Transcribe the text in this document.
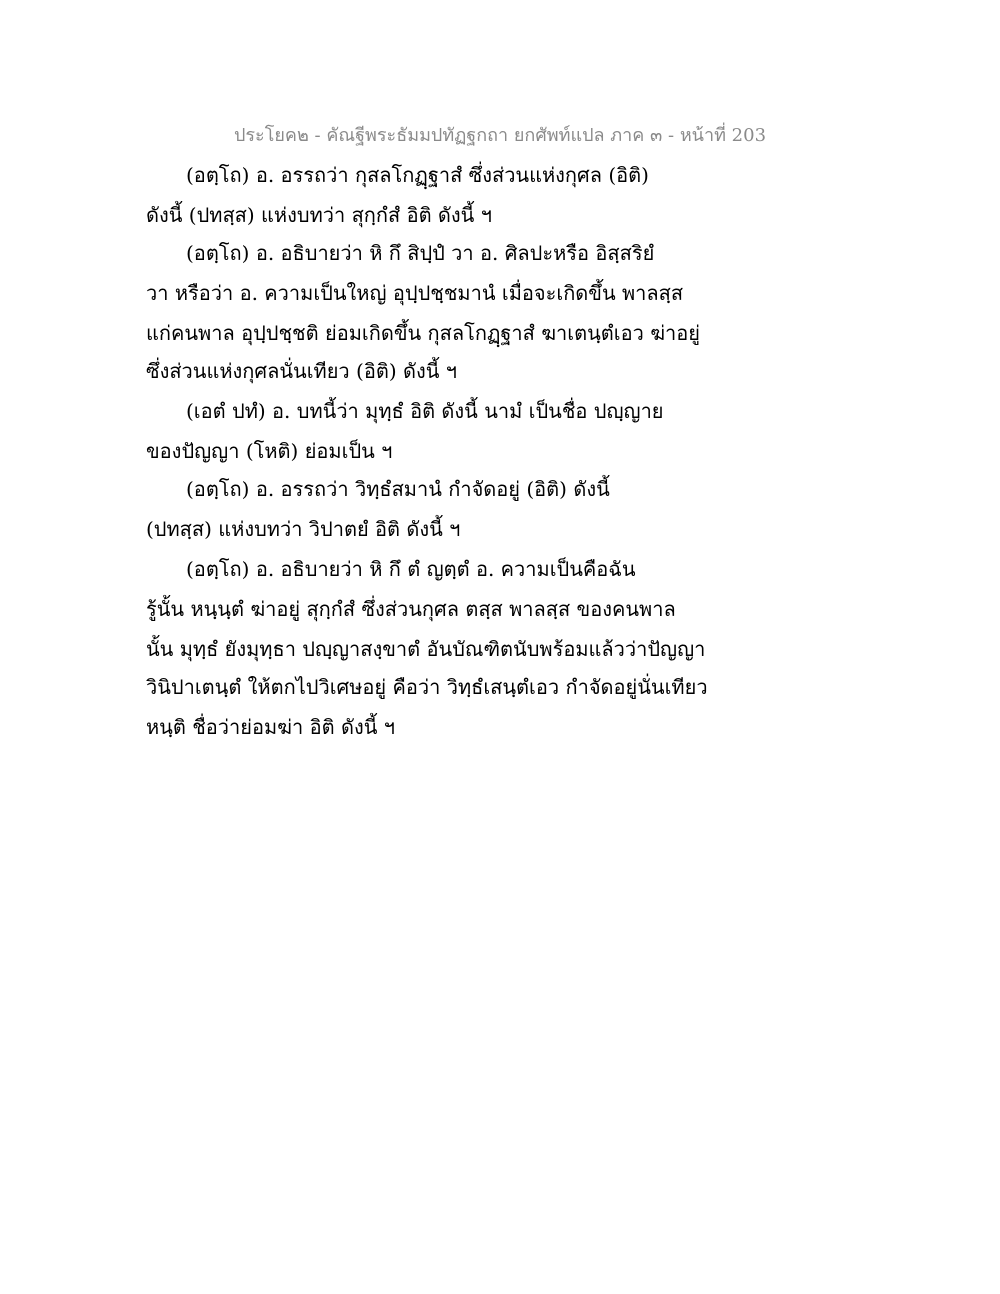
ประโยค๒ - คัณฐีพระธัมมปทัฏฐกถา ยกศัพท์แปล ภาค ๓ - หน้าที่ 203
(อตฺโถ) อ. อรรถว่า กุสลโกฏฺฐาสํ ซึ่งส่วนแห่งกุศล (อิติ)
ดังนี้ (ปทสฺส) แห่งบทว่า สุกฺกํสํ อิติ ดังนี้ ฯ
(อตฺโถ) อ. อธิบายว่า หิ กึ สิปฺปํ วา อ. ศิลปะหรือ อิสฺสริยํ
วา หรือว่า อ. ความเป็นใหญ่ อุปฺปชฺชมานํ เมื่อจะเกิดขึ้น พาลสฺส
แก่คนพาล อุปฺปชฺชติ ย่อมเกิดขึ้น กุสลโกฏฺฐาสํ ฆาเตนฺตํเอว ฆ่าอยู่
ซึ่งส่วนแห่งกุศลนั่นเทียว (อิติ) ดังนี้ ฯ
(เอตํ ปทํ) อ. บทนี้ว่า มุทฺธํ อิติ ดังนี้ นามํ เป็นชื่อ ปญฺญาย
ของปัญญา (โหติ) ย่อมเป็น ฯ
(อตฺโถ) อ. อรรถว่า วิทฺธํสมานํ กำจัดอยู่ (อิติ) ดังนี้
(ปทสฺส) แห่งบทว่า วิปาตยํ อิติ ดังนี้ ฯ
(อตฺโถ) อ. อธิบายว่า หิ กึ ตํ ญตฺตํ อ. ความเป็นคือฉัน
รู้นั้น หนฺนฺตํ ฆ่าอยู่ สุกฺกํสํ ซึ่งส่วนกุศล ตสฺส พาลสฺส ของคนพาล
นั้น มุทฺธํ ยังมุทฺธา ปญฺญาสงฺขาตํ อันบัณฑิตนับพร้อมแล้วว่าปัญญา
วินิปาเตนฺตํ ให้ตกไปวิเศษอยู่ คือว่า วิทฺธํเสนฺตํเอว กำจัดอยู่นั่นเทียว
หนฺติ ชื่อว่าย่อมฆ่า อิติ ดังนี้ ฯ
